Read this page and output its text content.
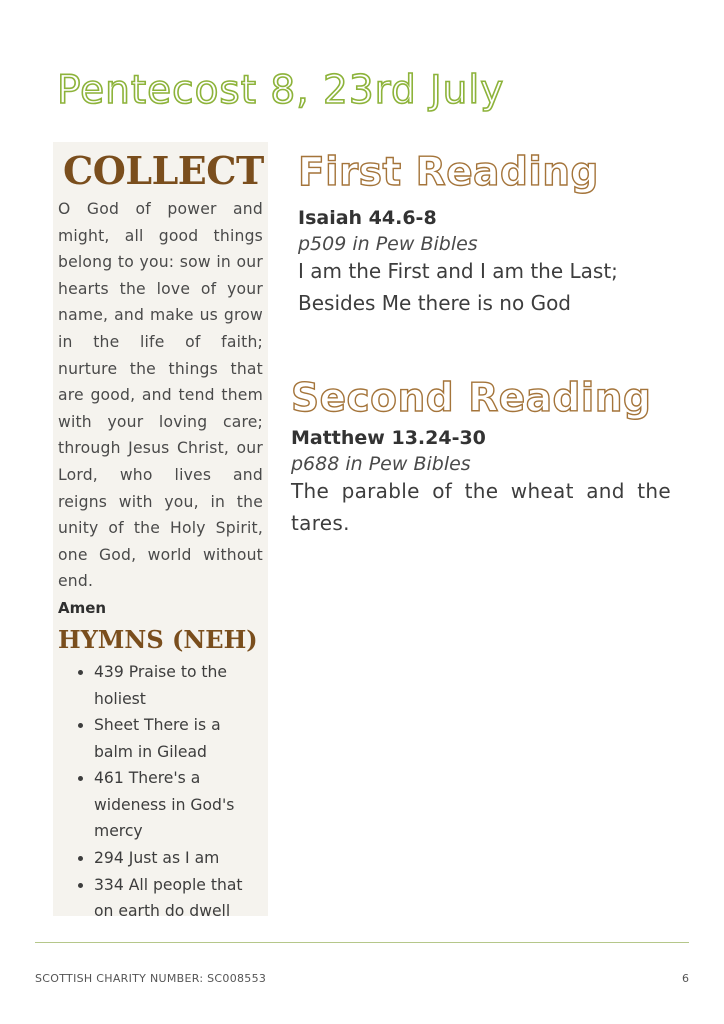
Pentecost 8, 23rd July
COLLECT

O God of power and might, all good things belong to you: sow in our hearts the love of your name, and make us grow in the life of faith; nurture the things that are good, and tend them with your loving care; through Jesus Christ, our Lord, who lives and reigns with you, in the unity of the Holy Spirit, one God, world without end.

Amen

HYMNS (NEH)
• 439 Praise to the holiest
• Sheet There is a balm in Gilead
• 461 There's a wideness in God's mercy
• 294 Just as I am
• 334 All people that on earth do dwell
First Reading

Isaiah 44.6-8

p509 in Pew Bibles

I am the First and I am the Last;

Besides Me there is no God

Second Reading

Matthew 13.24-30

p688 in Pew Bibles

The parable of the wheat and the tares.

SCOTTISH CHARITY NUMBER: SC008553	6
